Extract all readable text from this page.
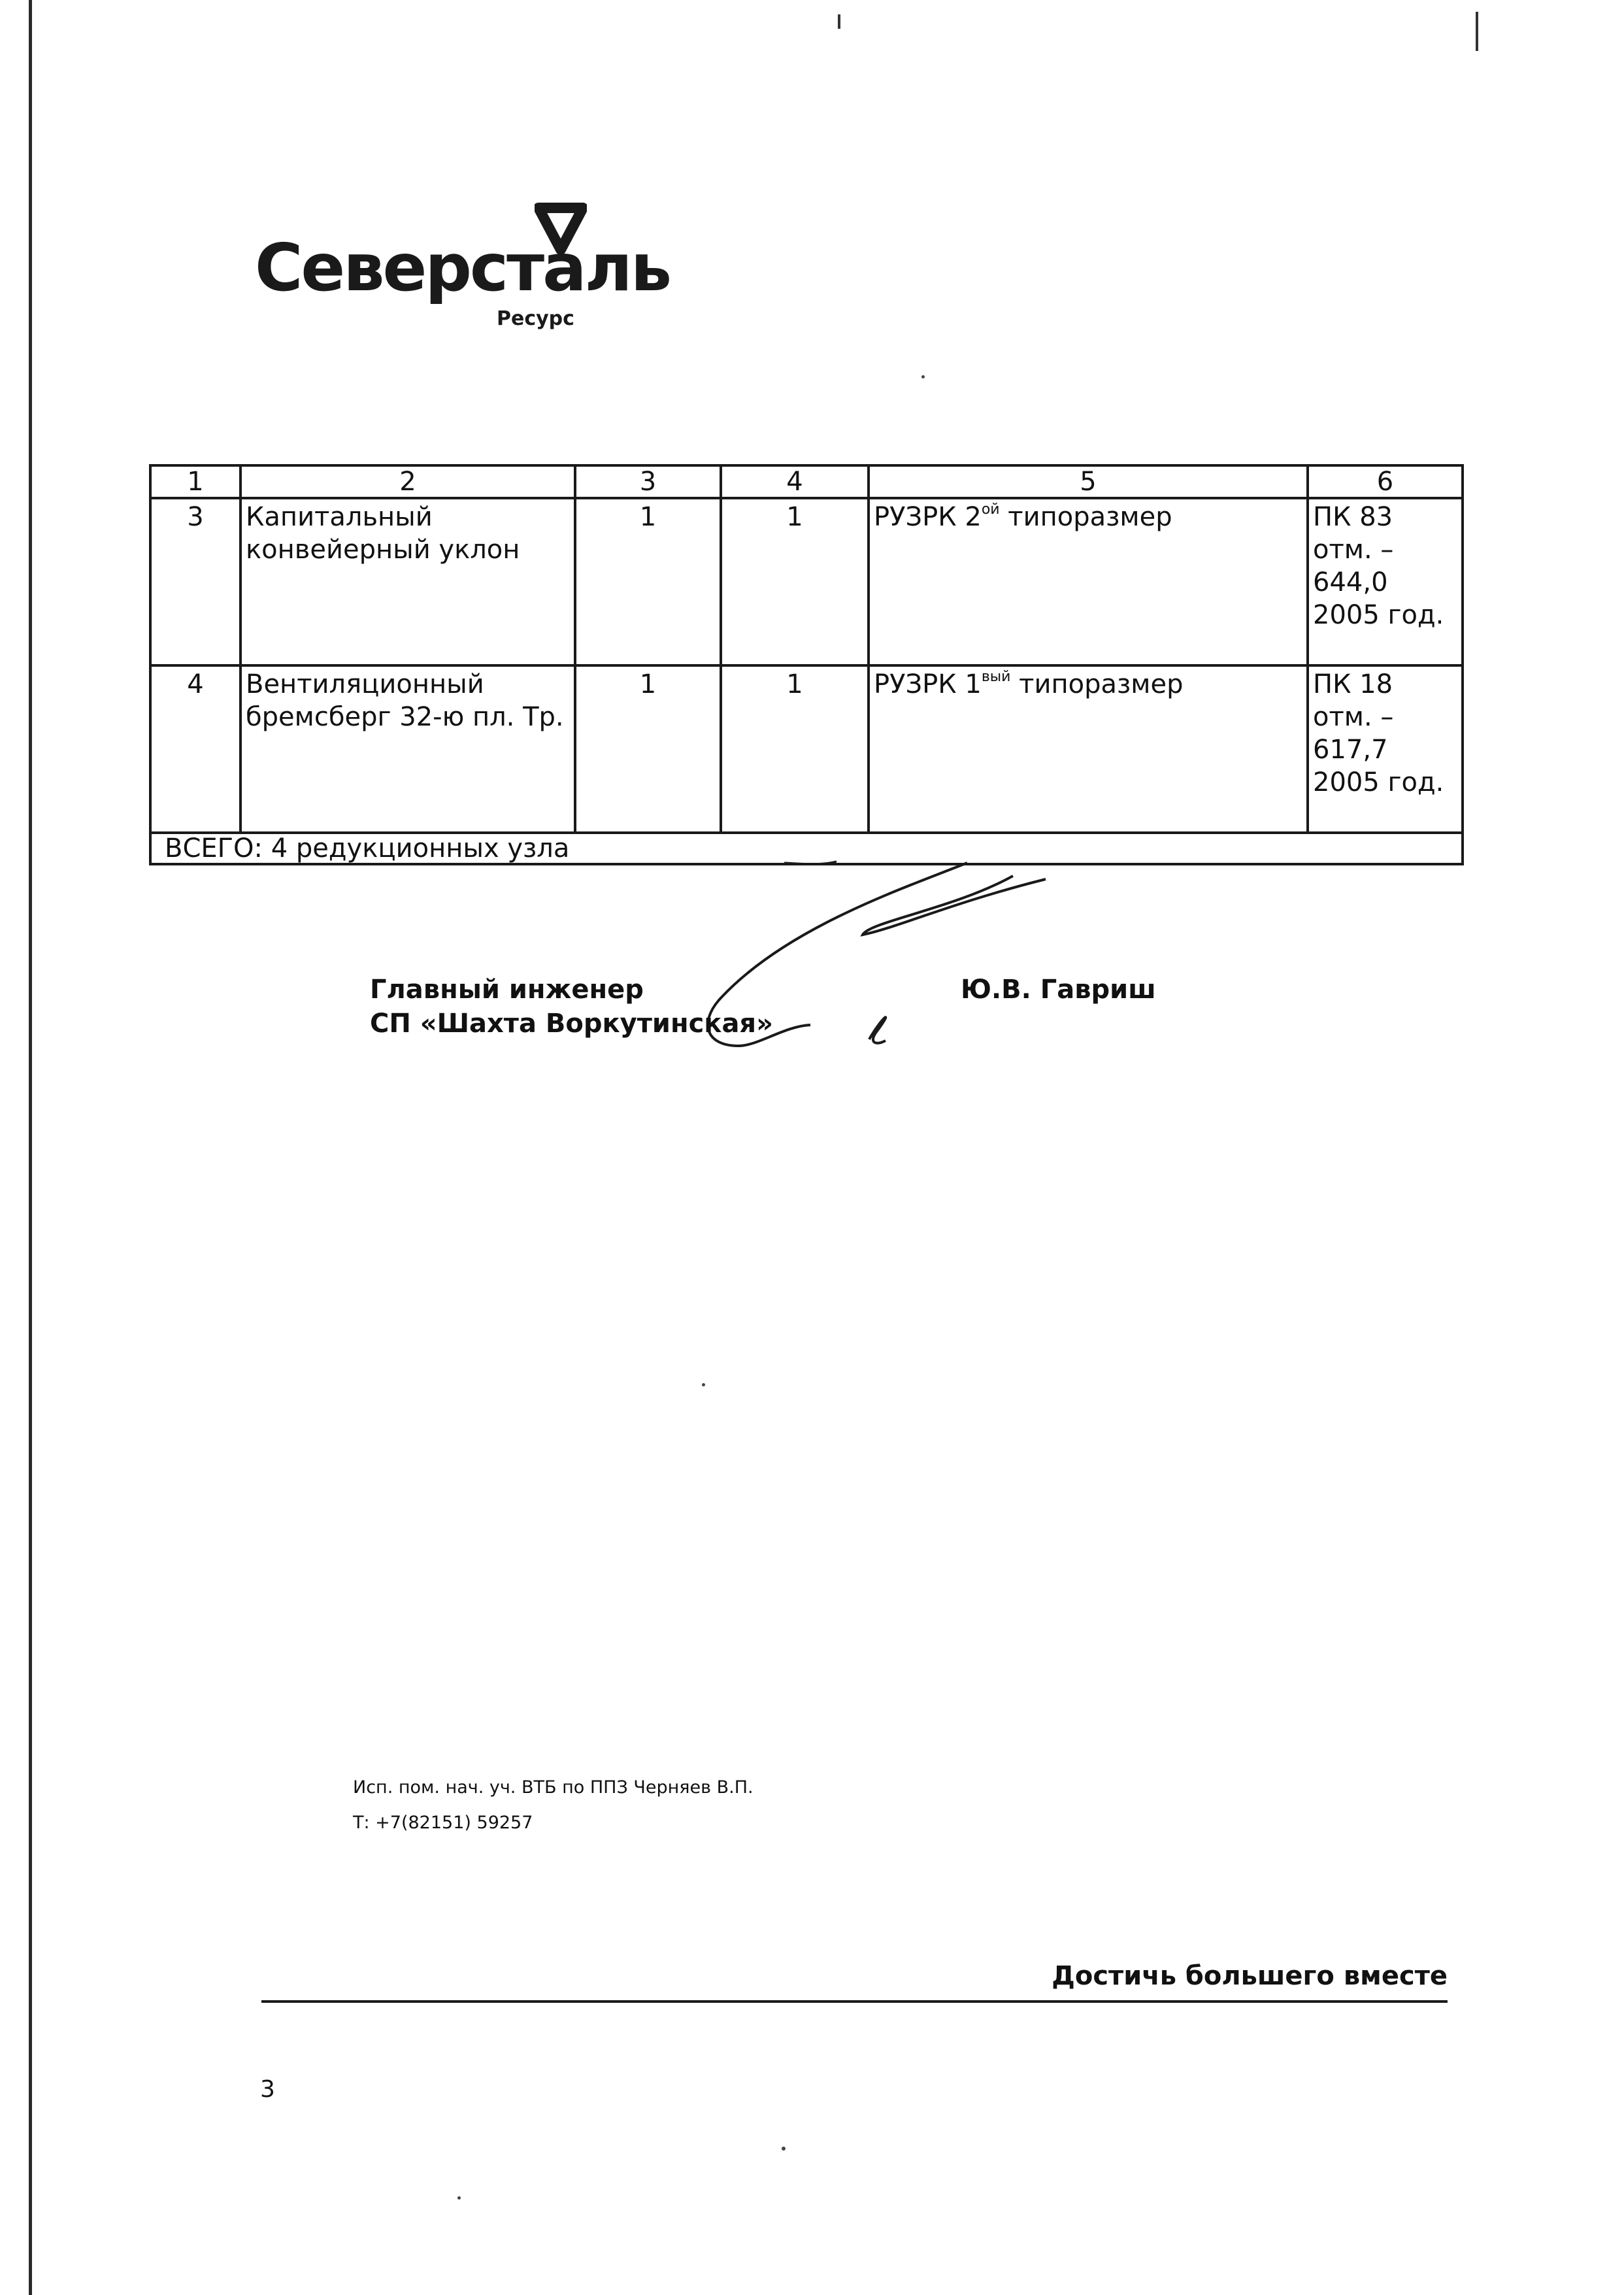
Северсталь
Ресурс
1	2	3	4	5	6
3	Капитальный конвейерный уклон	1	1	РУЗРК $2^{ой}$ типоразмер	ПК 83 отм. – 644,0 2005 год.
4	Вентиляционный бремсберг 32-ю пл. Тр.	1	1	РУЗРК $1^{вый}$ типоразмер	ПК 18 отм. – 617,7 2005 год.
ВСЕГО: 4 редукционных узла					
Главный инженер
СП «Шахта Воркутинская»
Ю.В. Гавриш
Исп. пом. нач. уч. ВТБ по ППЗ Черняев В.П.
Т: +7(82151) 59257
Достичь большего вместе
3
